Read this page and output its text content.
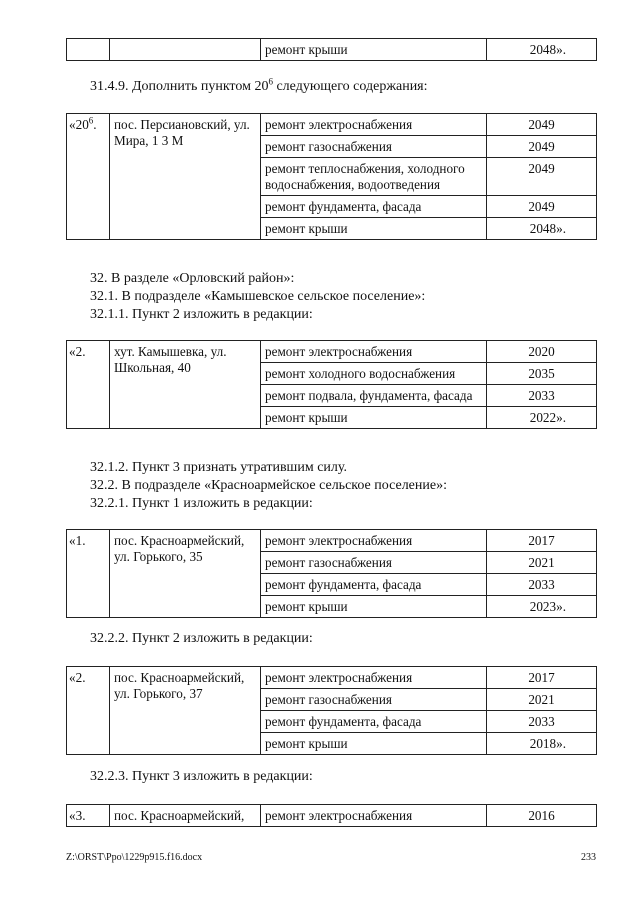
		ремонт крыши	2048».
31.4.9. Дополнить пунктом $20^6$ следующего содержания:
«$20^6$.	пос. Персиановский, ул. Мира, 1 3 М	ремонт электроснабжения	2049
		ремонт газоснабжения	2049
		ремонт теплоснабжения, холодного водоснабжения, водоотведения	2049
		ремонт фундамента, фасада	2049
		ремонт крыши	2048».
32. В разделе «Орловский район»:
32.1. В подразделе «Камышевское сельское поселение»:
32.1.1. Пункт 2 изложить в редакции:
«2.	хут. Камышевка, ул. Школьная, 40	ремонт электроснабжения	2020
		ремонт холодного водоснабжения	2035
		ремонт подвала, фундамента, фасада	2033
		ремонт крыши	2022».
32.1.2. Пункт 3 признать утратившим силу.
32.2. В подразделе «Красноармейское сельское поселение»:
32.2.1. Пункт 1 изложить в редакции:
«1.	пос. Красноармейский, ул. Горького, 35	ремонт электроснабжения	2017
		ремонт газоснабжения	2021
		ремонт фундамента, фасада	2033
		ремонт крыши	2023».
32.2.2. Пункт 2 изложить в редакции:
«2.	пос. Красноармейский, ул. Горького, 37	ремонт электроснабжения	2017
		ремонт газоснабжения	2021
		ремонт фундамента, фасада	2033
		ремонт крыши	2018».
32.2.3. Пункт 3 изложить в редакции:
«3.	пос. Красноармейский,	ремонт электроснабжения	2016
Z:\ORST\Ppo\1229p915.f16.docx	233
